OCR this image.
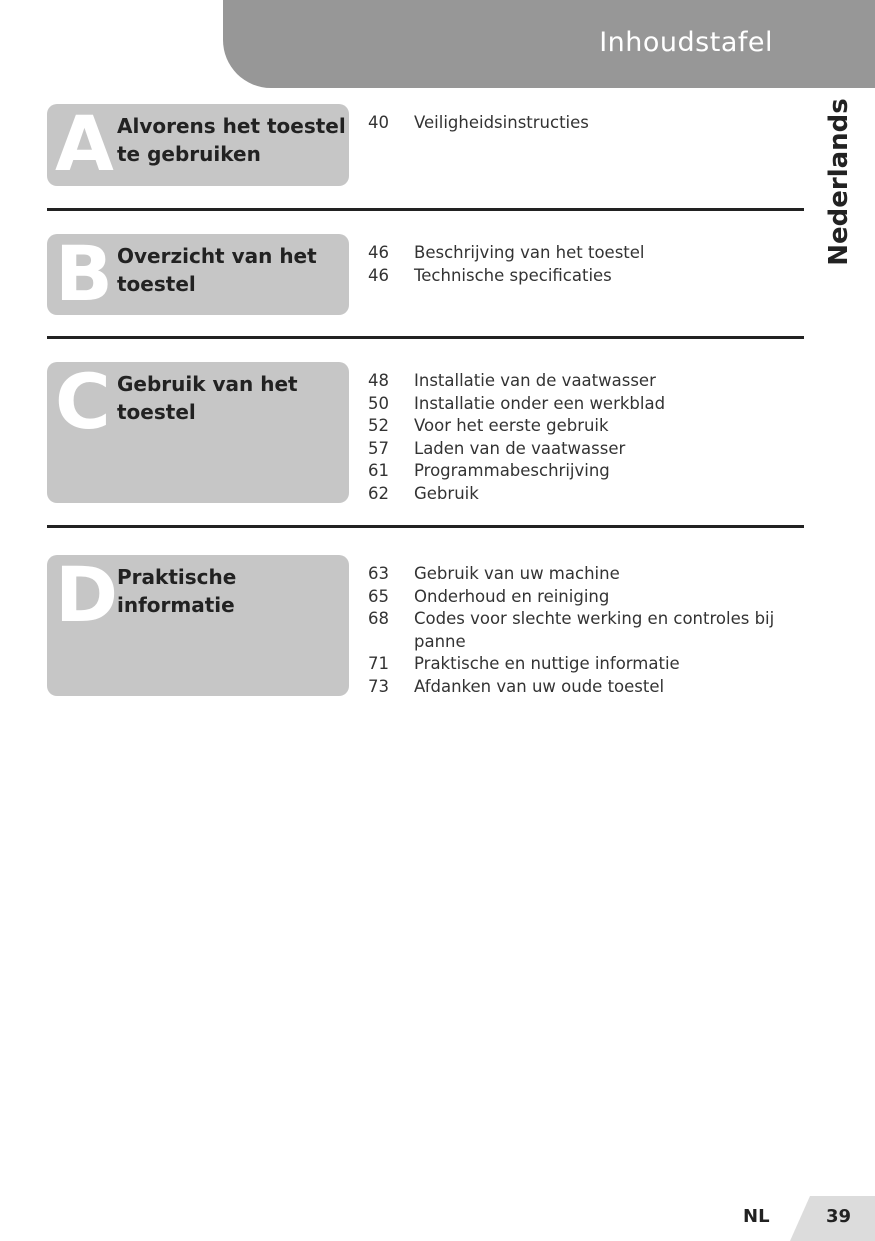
Inhoudstafel
Nederlands
A Alvorens het toestel te gebruiken
40	Veiligheidsinstructies
B Overzicht van het toestel
46	Beschrijving van het toestel
46	Technische specificaties
C Gebruik van het toestel
48	Installatie van de vaatwasser
50	Installatie onder een werkblad
52	Voor het eerste gebruik
57	Laden van de vaatwasser
61	Programmabeschrijving
62	Gebruik
D
Praktische informatie
63	Gebruik van uw machine
65	Onderhoud en reiniging
68	Codes voor slechte werking en controles bij panne
71	Praktische en nuttige informatie
73	Afdanken van uw oude toestel
NL	39
